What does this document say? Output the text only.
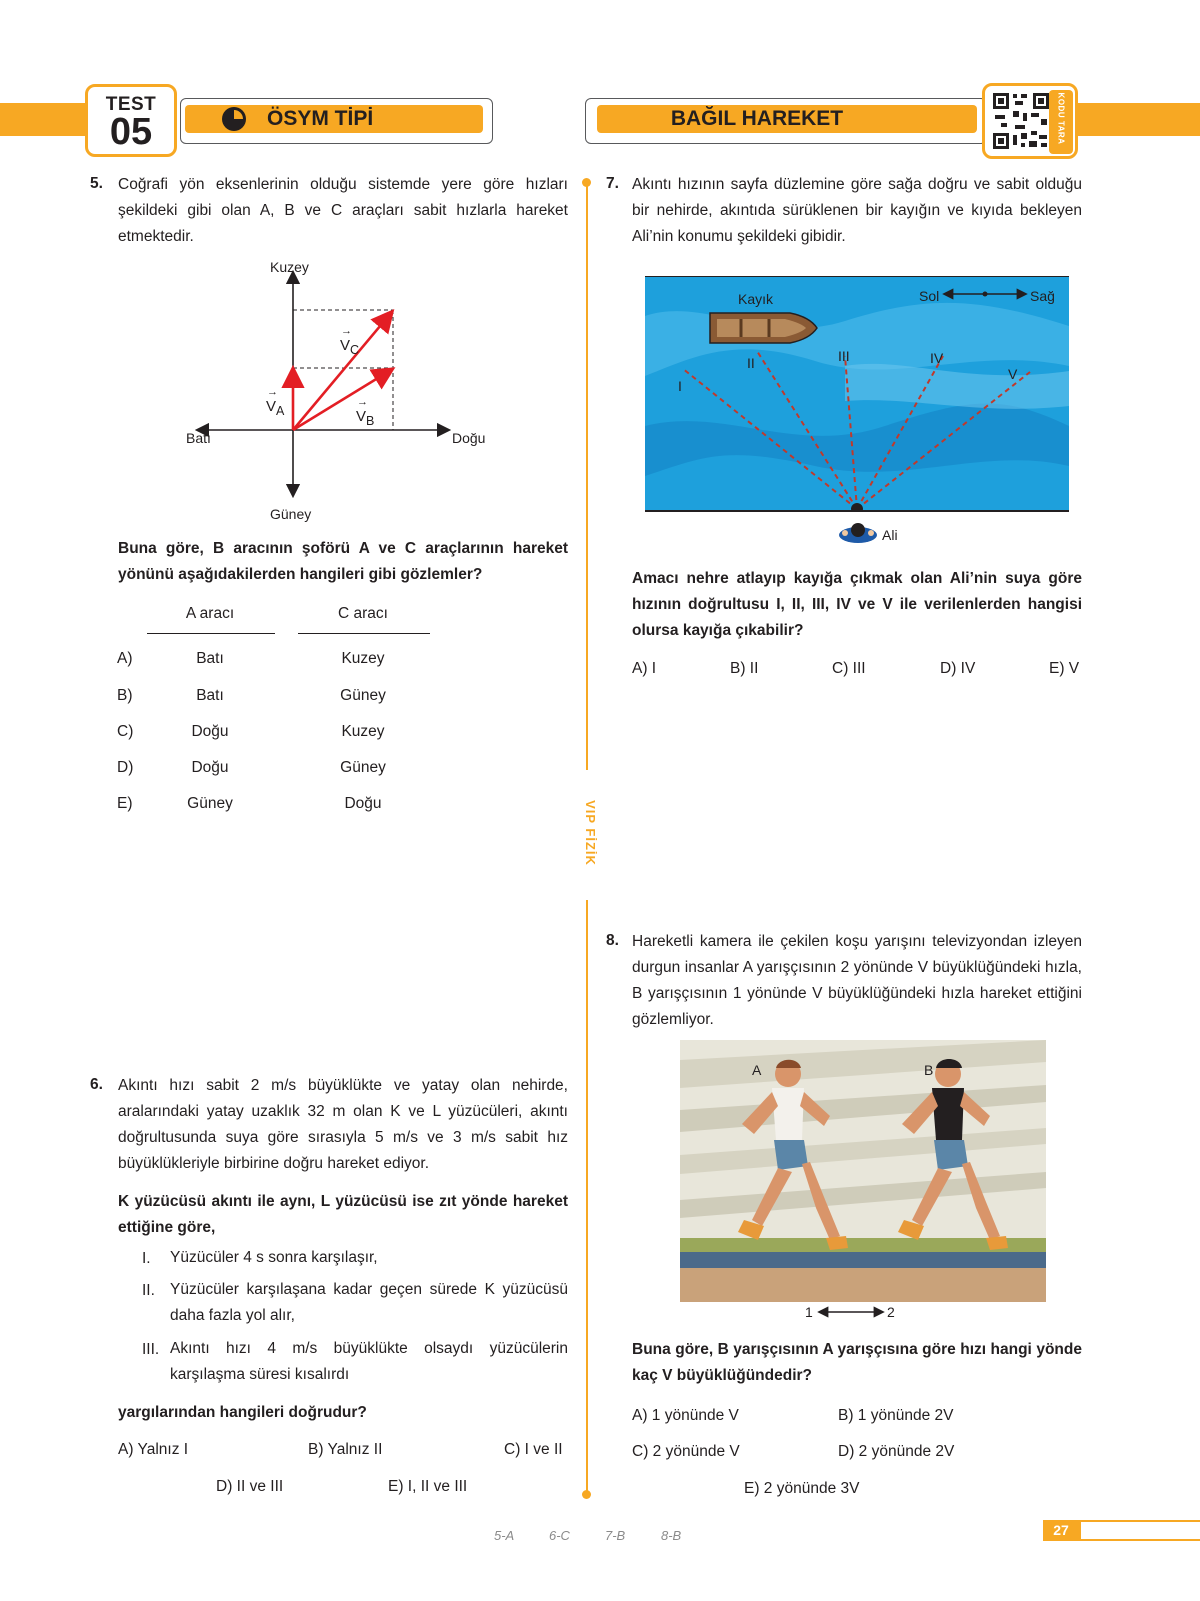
TEST
05	ÖSYM TİPİ	BAĞIL HAREKET	KODU TARA
VIP FİZİK
5. Coğrafi yön eksenlerinin olduğu sistemde yere göre hızları şekildeki gibi olan A, B ve C araçları sabit hızlarla hareket etmektedir.
Kuzey
Güney
Batı	Doğu
→
$V_A$
→
$V_B$
→
$V_C$
Buna göre, B aracının şoförü A ve C araçlarının hareket yönünü aşağıdakilerden hangileri gibi gözlemler?
A aracı	C aracı
A)	Batı	Kuzey
B)	Batı	Güney
C)	Doğu	Kuzey
D)	Doğu	Güney
E)	Güney	Doğu
6. Akıntı hızı sabit 2 m/s büyüklükte ve yatay olan nehirde, aralarındaki yatay uzaklık 32 m olan K ve L yüzücüleri, akıntı doğrultusunda suya göre sırasıyla 5 m/s ve 3 m/s sabit hız büyüklükleriyle birbirine doğru hareket ediyor.
K yüzücüsü akıntı ile aynı, L yüzücüsü ise zıt yönde hareket ettiğine göre,
I. Yüzücüler 4 s sonra karşılaşır,
II. Yüzücüler karşılaşana kadar geçen sürede K yüzücüsü daha fazla yol alır,
III. Akıntı hızı 4 m/s büyüklükte olsaydı yüzücülerin karşılaşma süresi kısalırdı
yargılarından hangileri doğrudur?
A) Yalnız I	B) Yalnız II	C) I ve II
D) II ve III	E) I, II ve III
7. Akıntı hızının sayfa düzlemine göre sağa doğru ve sabit olduğu bir nehirde, akıntıda sürüklenen bir kayığın ve kıyıda bekleyen Ali’nin konumu şekildeki gibidir.
Kayık	Sol	Sağ
I
II	III	IV
V
Ali
Amacı nehre atlayıp kayığa çıkmak olan Ali’nin suya göre hızının doğrultusu I, II, III, IV ve V ile verilenlerden hangisi olursa kayığa çıkabilir?
A) I	B) II	C) III	D) IV	E) V
8. Hareketli kamera ile çekilen koşu yarışını televizyondan izleyen durgun insanlar A yarışçısının 2 yönünde V büyüklüğündeki hızla, B yarışçısının 1 yönünde V büyüklüğündeki hızla hareket ettiğini gözlemliyor.
A	B
1	2
Buna göre, B yarışçısının A yarışçısına göre hızı hangi yönde kaç V büyüklüğündedir?
A) 1 yönünde V	B) 1 yönünde 2V
C) 2 yönünde V	D) 2 yönünde 2V
E) 2 yönünde 3V
5-A	6-C	7-B	8-B	27
